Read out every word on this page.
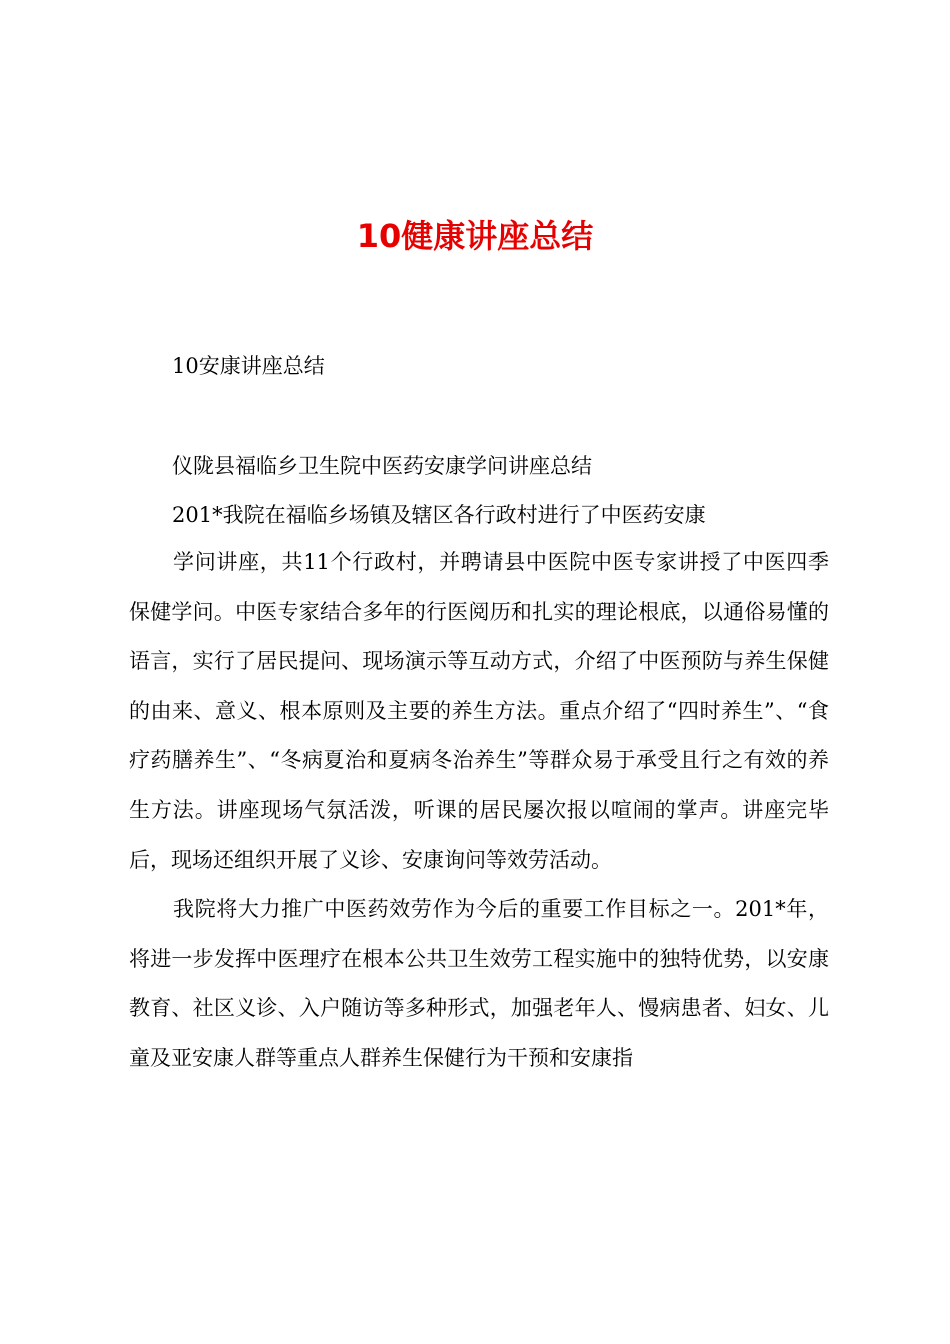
10健康讲座总结
10安康讲座总结
仪陇县福临乡卫生院中医药安康学问讲座总结
201*我院在福临乡场镇及辖区各行政村进行了中医药安康

学问讲座，共11个行政村，并聘请县中医院中医专家讲授了中医四季保健学问。中医专家结合多年的行医阅历和扎实的理论根底，以通俗易懂的语言，实行了居民提问、现场演示等互动方式，介绍了中医预防与养生保健的由来、意义、根本原则及主要的养生方法。重点介绍了“四时养生”、“食疗药膳养生”、“冬病夏治和夏病冬治养生”等群众易于承受且行之有效的养生方法。讲座现场气氛活泼，听课的居民屡次报以喧闹的掌声。讲座完毕后，现场还组织开展了义诊、安康询问等效劳活动。

我院将大力推广中医药效劳作为今后的重要工作目标之一。201*年，将进一步发挥中医理疗在根本公共卫生效劳工程实施中的独特优势，以安康教育、社区义诊、入户随访等多种形式，加强老年人、慢病患者、妇女、儿童及亚安康人群等重点人群养生保健行为干预和安康指
